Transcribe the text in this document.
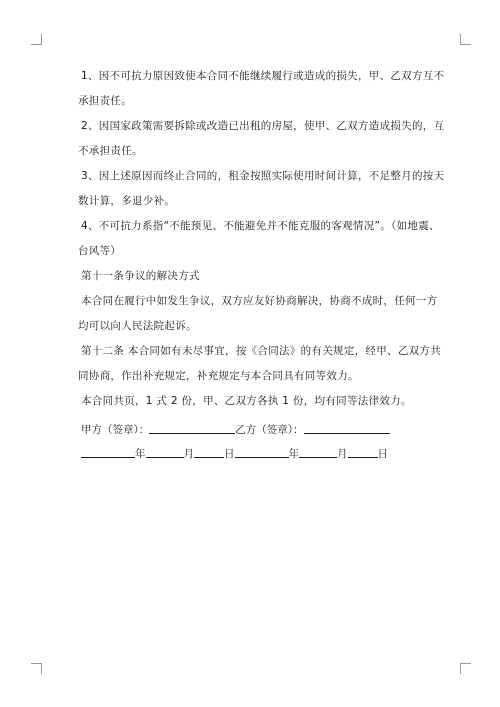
1、因不可抗力原因致使本合同不能继续履行或造成的损失，甲、乙双方互不承担责任。
2、因国家政策需要拆除或改造已出租的房屋，使甲、乙双方造成损失的，互不承担责任。
3、因上述原因而终止合同的，租金按照实际使用时间计算，不足整月的按天数计算，多退少补。
4、不可抗力系指“不能预见、不能避免并不能克服的客观情况”。（如地震、台风等）
第十一条争议的解决方式
本合同在履行中如发生争议，双方应友好协商解决，协商不成时，任何一方均可以向人民法院起诉。
第十二条 本合同如有未尽事宜，按《合同法》的有关规定，经甲、乙双方共同协商，作出补充规定，补充规定与本合同具有同等效力。
本合同共页，1 式 2 份，甲、乙双方各执 1 份，均有同等法律效力。
甲方（签章）：	乙方（签章）：
年	月	日	年	月	日
